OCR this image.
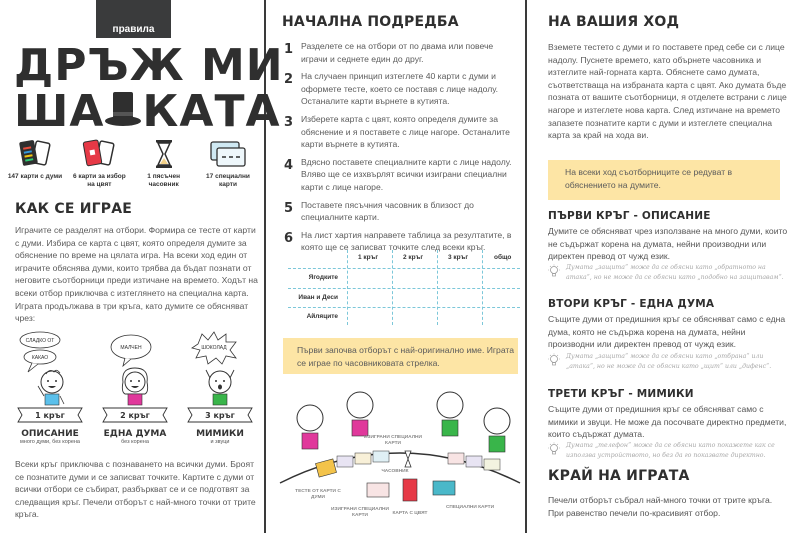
правила
ДРЪЖ МИ
ША КАТА
147 карти с думи	6 карти за избор на цвят
1 пясъчен часовник
17 специални карти
КАК СЕ ИГРАЕ

Играчите се разделят на отбори. Формира се тесте от карти с думи. Избира се карта с цвят, която определя думите за обяснение по време на цялата игра. На всеки ход един от играчите обяснява думи, които трябва да бъдат познати от неговите съотборници преди изтичане на времето. Ходът на всеки отбор приключва с изтеглянето на специална карта. Играта продължава в три кръга, като думите се обясняват чрез:

СЛАДКО ОТ
КАКАО
1 кръг
ОПИСАНИЕ
много думи, без корена
МАЛЧЕН
2 кръг
ЕДНА ДУМА
без корена
ШОКОЛАД
3 кръг
МИМИКИ
и звуци

Всеки кръг приключва с познаването на всички думи. Броят се познатите думи и се записват точките. Картите с думи от всички отбори се събират, разбъркват се и се подготвят за следващия кръг. Печели отборът с най-много точки от трите кръга.

НАЧАЛНА ПОДРЕДБА
1 Разделете се на отбори от по двама или повече играчи и седнете един до друг.
2 На случаен принцип изтеглете 40 карти с думи и оформете тесте, което се поставя с лице надолу. Останалите карти върнете в кутията.
3 Изберете карта с цвят, която определя думите за обяснение и я поставете с лице нагоре. Останалите карти върнете в кутията.
4 Вдясно поставете специалните карти с лице надолу. Вляво ще се изхвърлят всички изиграни специални карти с лице нагоре.
5 Поставете пясъчния часовник в близост до специалните карти.
6 На лист хартия направете таблица за резултатите, в която ще се записват точките след всеки кръг.
1 кръг	2 кръг	3 кръг	общо
Ягодките
Иван и Деси
Айляците
Първи започва отборът с най-оригинално име. Играта се играе по часовниковата стрелка.
ИЗИГРАНИ СПЕЦИАЛНИ КАРТИ
ЧАСОВНИК
ТЕСТЕ ОТ КАРТИ С ДУМИ
ИЗИГРАНИ СПЕЦИАЛНИ КАРТИ	КАРТА С ЦВЯТ
СПЕЦИАЛНИ КАРТИ
НА ВАШИЯ ХОД

Вземете тестето с думи и го поставете пред себе си с лице надолу. Пуснете времето, като обърнете часовника и изтеглите най-горната карта. Обяснете само думата, съответстваща на избраната карта с цвят. Ако думата бъде позната от вашите съотборници, я отделете встрани с лице нагоре и изтеглете нова карта. След изтичане на времето запазете познатите карти с думи и изтеглете специална карта за край на хода ви.

На всеки ход съотборниците се редуват в обяснението на думите.
ПЪРВИ КРЪГ - ОПИСАНИЕ

Думите се обясняват чрез използване на много думи, които не съдържат корена на думата, нейни производни или директен превод от чужд език.

Думата „защита“ може да се обясни като „обратното на атака“, но не може да се обясни като „подобно на защитавам“.
ВТОРИ КРЪГ - ЕДНА ДУМА

Същите думи от предишния кръг се обясняват само с една дума, която не съдържа корена на думата, нейни производни или директен превод от чужд език.

Думата „защита“ може да се обясни като „отбрана“ или „атака“, но не може да се обясни като „щит“ или „дифенс“.
ТРЕТИ КРЪГ - МИМИКИ

Същите думи от предишния кръг се обясняват само с мимики и звуци. Не може да посочвате директно предмети, които съдържат думата.

Думата „телефон“ може да се обясни като покажете как се използва устройството, но без да го показвате директно.
КРАЙ НА ИГРАТА

Печели отборът събрал най-много точки от трите кръга. При равенство печели по-красивият отбор.
